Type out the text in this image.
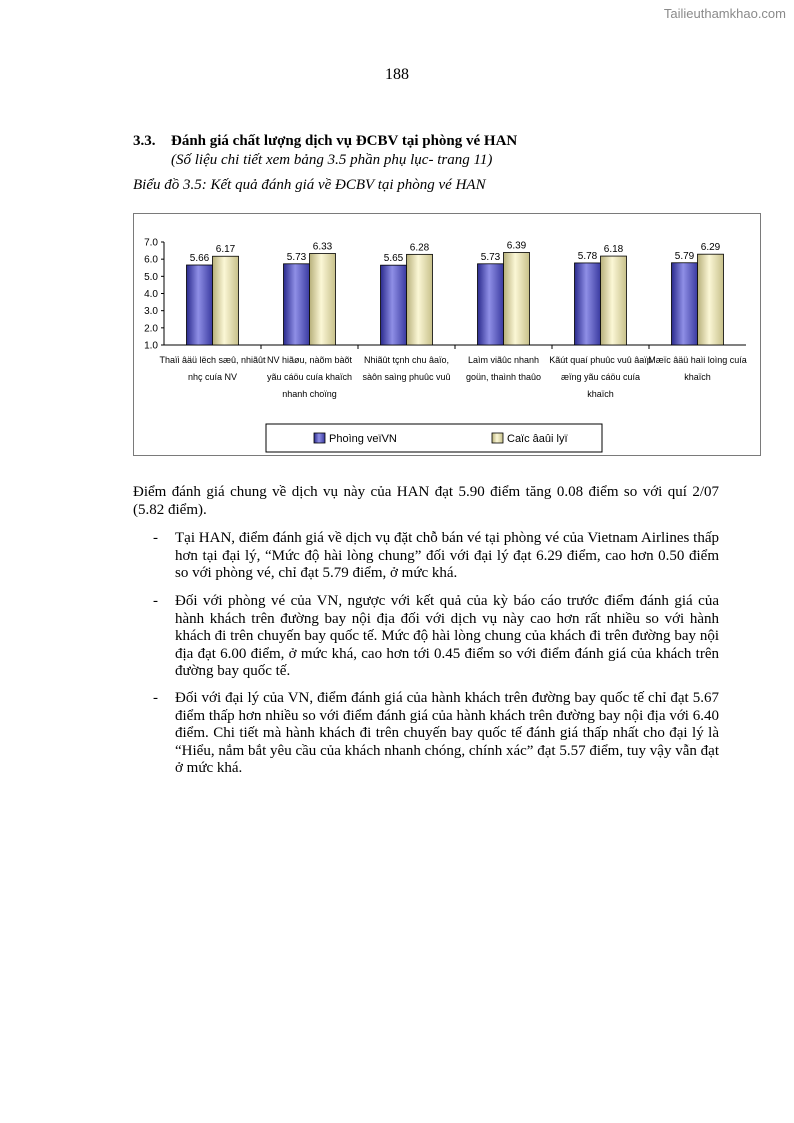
Tailieuthamkhao.com
188
3.3. Đánh giá chất lượng dịch vụ ĐCBV tại phòng vé HAN
(Số liệu chi tiết xem bảng 3.5 phần phụ lục- trang 11)
Biểu đồ 3.5: Kết quả đánh giá về ĐCBV tại phòng vé HAN
7.0
6.0
5.0
4.0
3.0
2.0
1.0
5.66
6.17
Thaïi âäü lëch sæû, nhiãût
nhç cuía NV
5.73
6.33
NV hiãøu, nàõm bàõt
yãu cáöu cuía khaïch
nhanh choïng
5.65
6.28
Nhiãût tçnh chu âaïo,
sàôn saìng phuûc vuû
5.73
6.39
Laìm viãûc nhanh
goün, thaình thaûo
5.78
6.18
Kãút quaí phuûc vuû âaïp
æïng yãu cáöu cuía
khaïch
5.79
6.29
Mæïc âäü haìi loìng cuía
khaïch
Phoìng veïVN	Caïc âaûi lyï
Điểm đánh giá chung về dịch vụ này của HAN đạt 5.90 điểm tăng 0.08 điểm so với quí 2/07 (5.82 điểm).
- Tại HAN, điểm đánh giá về dịch vụ đặt chỗ bán vé tại phòng vé của Vietnam Airlines thấp hơn tại đại lý, “Mức độ hài lòng chung” đối với đại lý đạt 6.29 điểm, cao hơn 0.50 điểm so với phòng vé, chỉ đạt 5.79 điểm, ở mức khá.
- Đối với phòng vé của VN, ngược với kết quả của kỳ báo cáo trước điểm đánh giá của hành khách trên đường bay nội địa đối với dịch vụ này cao hơn rất nhiều so với hành khách đi trên chuyến bay quốc tế. Mức độ hài lòng chung của khách đi trên đường bay nội địa đạt 6.00 điểm, ở mức khá, cao hơn tới 0.45 điểm so với điểm đánh giá của khách trên đường bay quốc tế.
- Đối với đại lý của VN, điểm đánh giá của hành khách trên đường bay quốc tế chỉ đạt 5.67 điểm thấp hơn nhiều so với điểm đánh giá của hành khách trên đường bay nội địa với 6.40 điểm. Chi tiết mà hành khách đi trên chuyến bay quốc tế đánh giá thấp nhất cho đại lý là “Hiểu, nắm bắt yêu cầu của khách nhanh chóng, chính xác” đạt 5.57 điểm, tuy vậy vẫn đạt ở mức khá.
